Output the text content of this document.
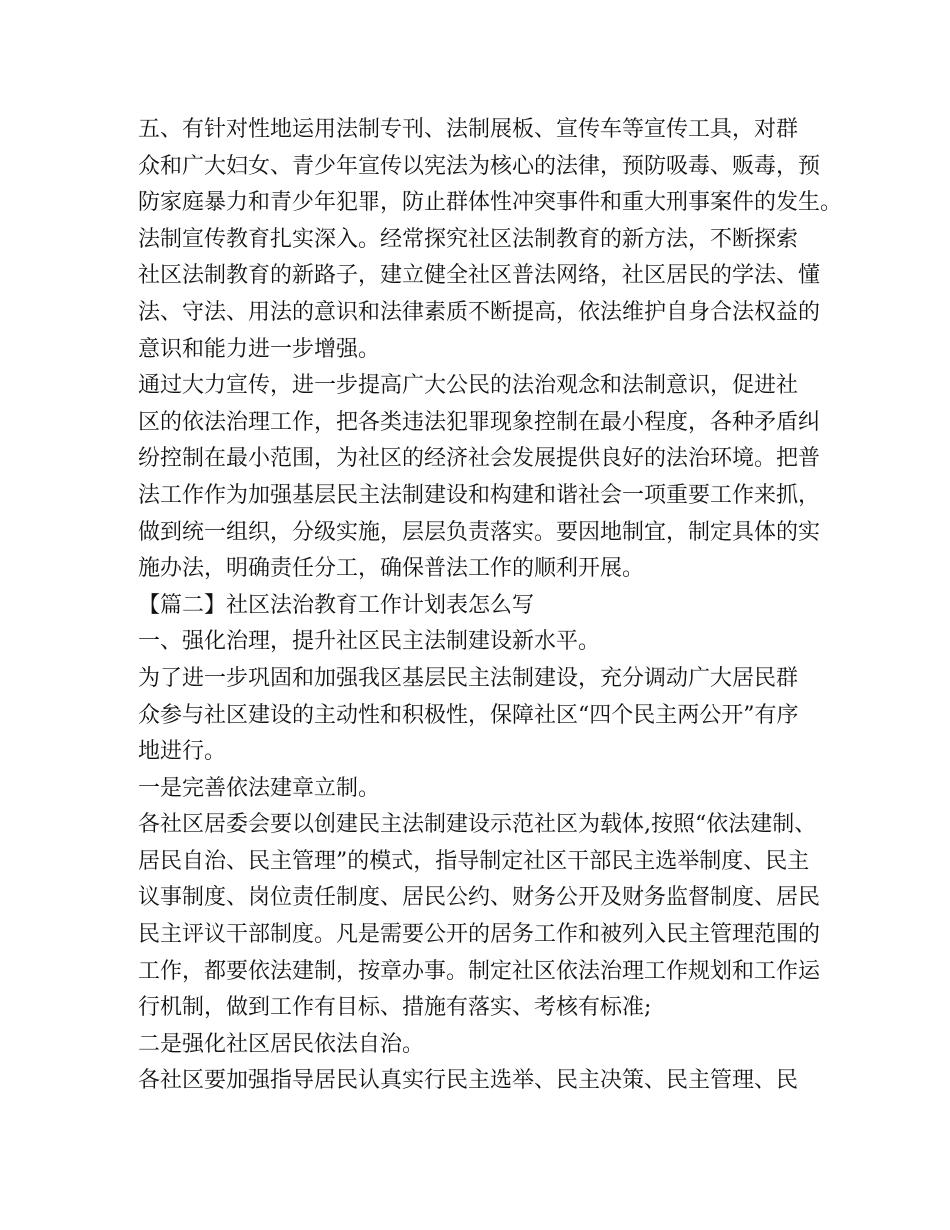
五、有针对性地运用法制专刊、法制展板、宣传车等宣传工具，对群
众和广大妇女、青少年宣传以宪法为核心的法律，预防吸毒、贩毒，预
防家庭暴力和青少年犯罪，防止群体性冲突事件和重大刑事案件的发生。
法制宣传教育扎实深入。经常探究社区法制教育的新方法，不断探索
社区法制教育的新路子，建立健全社区普法网络，社区居民的学法、懂
法、守法、用法的意识和法律素质不断提高，依法维护自身合法权益的
意识和能力进一步增强。
通过大力宣传，进一步提高广大公民的法治观念和法制意识，促进社
区的依法治理工作，把各类违法犯罪现象控制在最小程度，各种矛盾纠
纷控制在最小范围，为社区的经济社会发展提供良好的法治环境。把普
法工作作为加强基层民主法制建设和构建和谐社会一项重要工作来抓，
做到统一组织，分级实施，层层负责落实。要因地制宜，制定具体的实
施办法，明确责任分工，确保普法工作的顺利开展。
【篇二】社区法治教育工作计划表怎么写
一、强化治理，提升社区民主法制建设新水平。
为了进一步巩固和加强我区基层民主法制建设，充分调动广大居民群
众参与社区建设的主动性和积极性，保障社区“四个民主两公开”有序
地进行。
一是完善依法建章立制。
各社区居委会要以创建民主法制建设示范社区为载体,按照“依法建制、
居民自治、民主管理”的模式，指导制定社区干部民主选举制度、民主
议事制度、岗位责任制度、居民公约、财务公开及财务监督制度、居民
民主评议干部制度。凡是需要公开的居务工作和被列入民主管理范围的
工作，都要依法建制，按章办事。制定社区依法治理工作规划和工作运
行机制，做到工作有目标、措施有落实、考核有标准;
二是强化社区居民依法自治。
各社区要加强指导居民认真实行民主选举、民主决策、民主管理、民
